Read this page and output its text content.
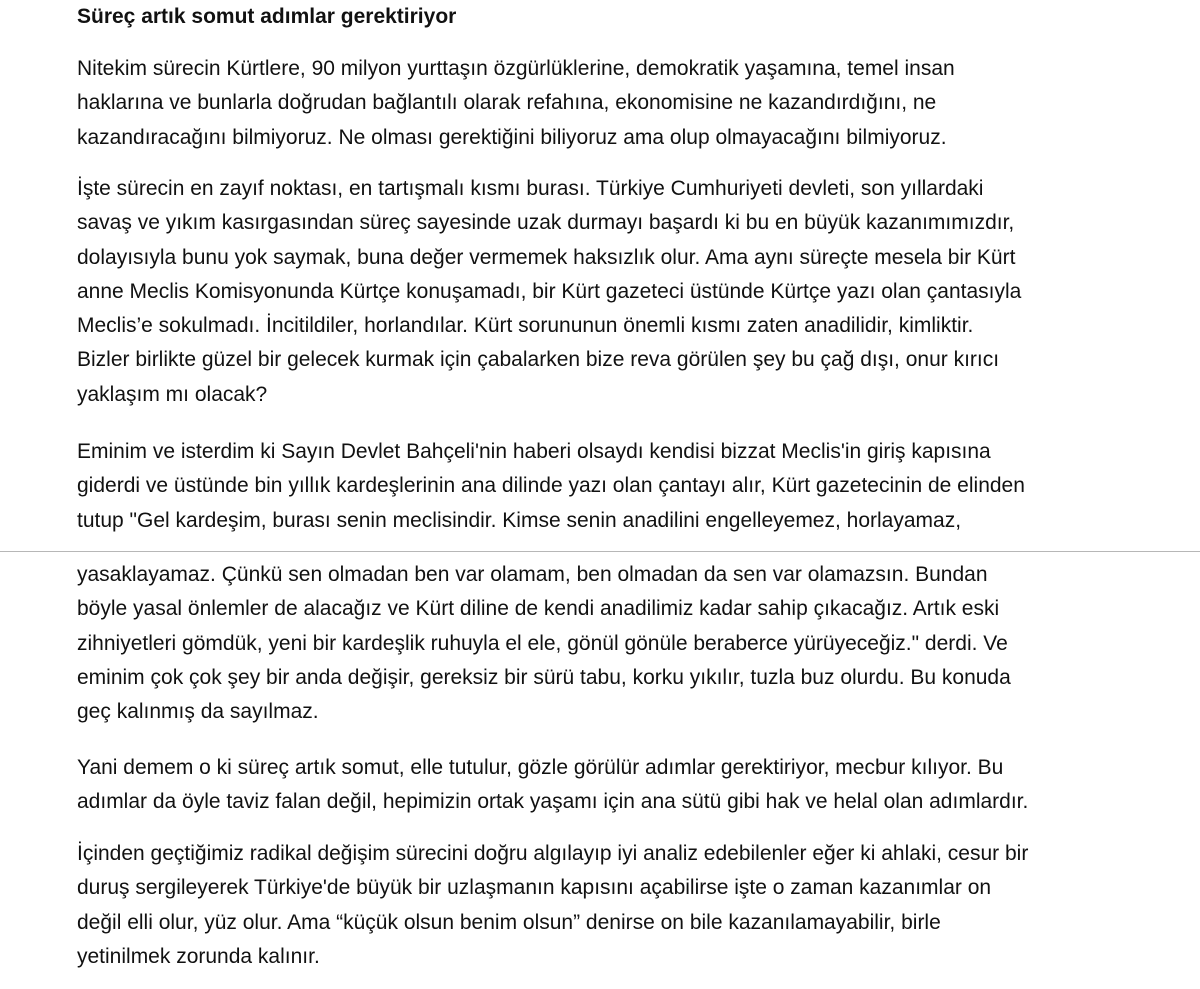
Süreç artık somut adımlar gerektiriyor
Nitekim sürecin Kürtlere, 90 milyon yurttaşın özgürlüklerine, demokratik yaşamına, temel insan
haklarına ve bunlarla doğrudan bağlantılı olarak refahına, ekonomisine ne kazandırdığını, ne
kazandıracağını bilmiyoruz. Ne olması gerektiğini biliyoruz ama olup olmayacağını bilmiyoruz.
İşte sürecin en zayıf noktası, en tartışmalı kısmı burası. Türkiye Cumhuriyeti devleti, son yıllardaki
savaş ve yıkım kasırgasından süreç sayesinde uzak durmayı başardı ki bu en büyük kazanımımızdır,
dolayısıyla bunu yok saymak, buna değer vermemek haksızlık olur. Ama aynı süreçte mesela bir Kürt
anne Meclis Komisyonunda Kürtçe konuşamadı, bir Kürt gazeteci üstünde Kürtçe yazı olan çantasıyla
Meclis’e sokulmadı. İncitildiler, horlandılar. Kürt sorununun önemli kısmı zaten anadilidir, kimliktir.
Bizler birlikte güzel bir gelecek kurmak için çabalarken bize reva görülen şey bu çağ dışı, onur kırıcı
yaklaşım mı olacak?
Eminim ve isterdim ki Sayın Devlet Bahçeli'nin haberi olsaydı kendisi bizzat Meclis'in giriş kapısına
giderdi ve üstünde bin yıllık kardeşlerinin ana dilinde yazı olan çantayı alır, Kürt gazetecinin de elinden
tutup "Gel kardeşim, burası senin meclisindir. Kimse senin anadilini engelleyemez, horlayamaz,
yasaklayamaz. Çünkü sen olmadan ben var olamam, ben olmadan da sen var olamazsın. Bundan
böyle yasal önlemler de alacağız ve Kürt diline de kendi anadilimiz kadar sahip çıkacağız. Artık eski
zihniyetleri gömdük, yeni bir kardeşlik ruhuyla el ele, gönül gönüle beraberce yürüyeceğiz." derdi. Ve
eminim çok çok şey bir anda değişir, gereksiz bir sürü tabu, korku yıkılır, tuzla buz olurdu. Bu konuda
geç kalınmış da sayılmaz.
Yani demem o ki süreç artık somut, elle tutulur, gözle görülür adımlar gerektiriyor, mecbur kılıyor. Bu
adımlar da öyle taviz falan değil, hepimizin ortak yaşamı için ana sütü gibi hak ve helal olan adımlardır.
İçinden geçtiğimiz radikal değişim sürecini doğru algılayıp iyi analiz edebilenler eğer ki ahlaki, cesur bir
duruş sergileyerek Türkiye'de büyük bir uzlaşmanın kapısını açabilirse işte o zaman kazanımlar on
değil elli olur, yüz olur. Ama “küçük olsun benim olsun” denirse on bile kazanılamayabilir, birle
yetinilmek zorunda kalınır.
